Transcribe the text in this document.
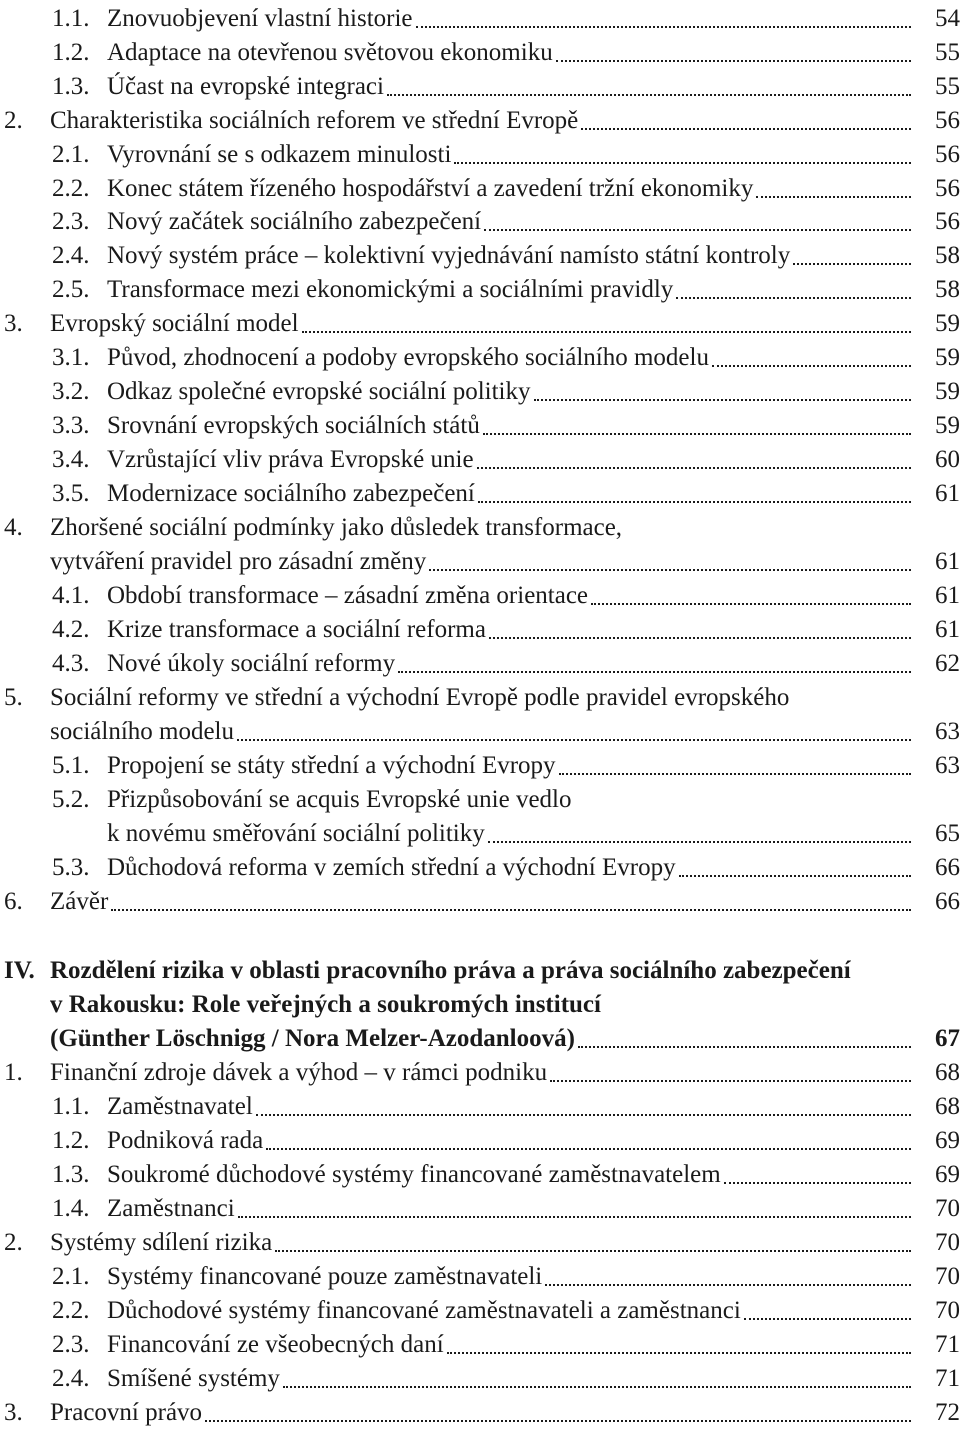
1.1. Znovuobjevení vlastní historie	54
1.2. Adaptace na otevřenou světovou ekonomiku	55
1.3. Účast na evropské integraci	55
2. Charakteristika sociálních reforem ve střední Evropě	56
2.1. Vyrovnání se s odkazem minulosti	56
2.2. Konec státem řízeného hospodářství a zavedení tržní ekonomiky	56
2.3. Nový začátek sociálního zabezpečení	56
2.4. Nový systém práce – kolektivní vyjednávání namísto státní kontroly	58
2.5. Transformace mezi ekonomickými a sociálními pravidly	58
3. Evropský sociální model	59
3.1. Původ, zhodnocení a podoby evropského sociálního modelu	59
3.2. Odkaz společné evropské sociální politiky	59
3.3. Srovnání evropských sociálních států	59
3.4. Vzrůstající vliv práva Evropské unie	60
3.5. Modernizace sociálního zabezpečení	61
4. Zhoršené sociální podmínky jako důsledek transformace,
vytváření pravidel pro zásadní změny	61
4.1. Období transformace – zásadní změna orientace	61
4.2. Krize transformace a sociální reforma	61
4.3. Nové úkoly sociální reformy	62
5. Sociální reformy ve střední a východní Evropě podle pravidel evropského
sociálního modelu	63
5.1. Propojení se státy střední a východní Evropy	63
5.2. Přizpůsobování se acquis Evropské unie vedlo
k novému směřování sociální politiky	65
5.3. Důchodová reforma v zemích střední a východní Evropy	66
6. Závěr	66
IV. Rozdělení rizika v oblasti pracovního práva a práva sociálního zabezpečení
v Rakousku: Role veřejných a soukromých institucí
(Günther Löschnigg / Nora Melzer-Azodanloová)	67
1. Finanční zdroje dávek a výhod – v rámci podniku	68
1.1. Zaměstnavatel	68
1.2. Podniková rada	69
1.3. Soukromé důchodové systémy financované zaměstnavatelem	69
1.4. Zaměstnanci	70
2. Systémy sdílení rizika	70
2.1. Systémy financované pouze zaměstnavateli	70
2.2. Důchodové systémy financované zaměstnavateli a zaměstnanci	70
2.3. Financování ze všeobecných daní	71
2.4. Smíšené systémy	71
3. Pracovní právo	72
